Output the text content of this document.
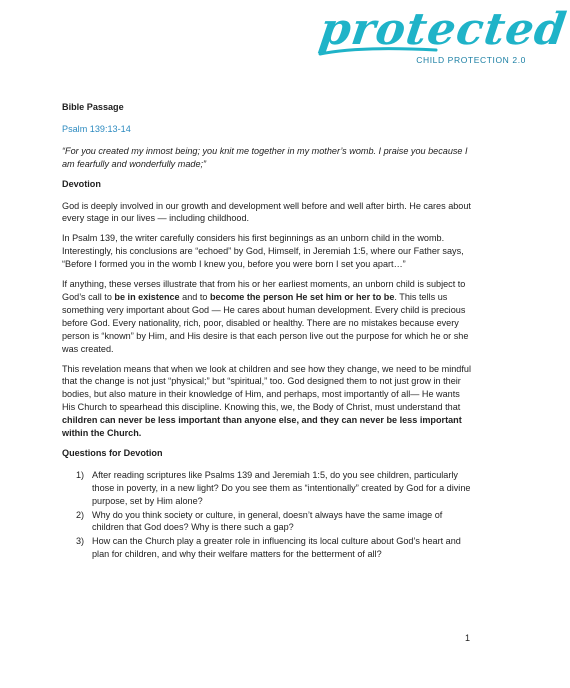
protected
CHILD PROTECTION 2.0

Bible Passage

Psalm 139:13-14

“For you created my inmost being; you knit me together in my mother’s womb. I praise you because I am fearfully and wonderfully made;”

Devotion

God is deeply involved in our growth and development well before and well after birth. He cares about every stage in our lives — including childhood.

In Psalm 139, the writer carefully considers his first beginnings as an unborn child in the womb. Interestingly, his conclusions are “echoed” by God, Himself, in Jeremiah 1:5, where our Father says, “Before I formed you in the womb I knew you, before you were born I set you apart…”

If anything, these verses illustrate that from his or her earliest moments, an unborn child is subject to God’s call to be in existence and to become the person He set him or her to be. This tells us something very important about God — He cares about human development. Every child is precious before God. Every nationality, rich, poor, disabled or healthy. There are no mistakes because every person is “known” by Him, and His desire is that each person live out the purpose for which he or she was created.

This revelation means that when we look at children and see how they change, we need to be mindful that the change is not just “physical;” but “spiritual,” too. God designed them to not just grow in their bodies, but also mature in their knowledge of Him, and perhaps, most importantly of all— He wants His Church to spearhead this discipline. Knowing this, we, the Body of Christ, must understand that children can never be less important than anyone else, and they can never be less important within the Church.

Questions for Devotion

1) After reading scriptures like Psalms 139 and Jeremiah 1:5, do you see children, particularly those in poverty, in a new light? Do you see them as “intentionally” created by God for a divine purpose, set by Him alone?
2) Why do you think society or culture, in general, doesn’t always have the same image of children that God does? Why is there such a gap?
3) How can the Church play a greater role in influencing its local culture about God’s heart and plan for children, and why their welfare matters for the betterment of all?
1
